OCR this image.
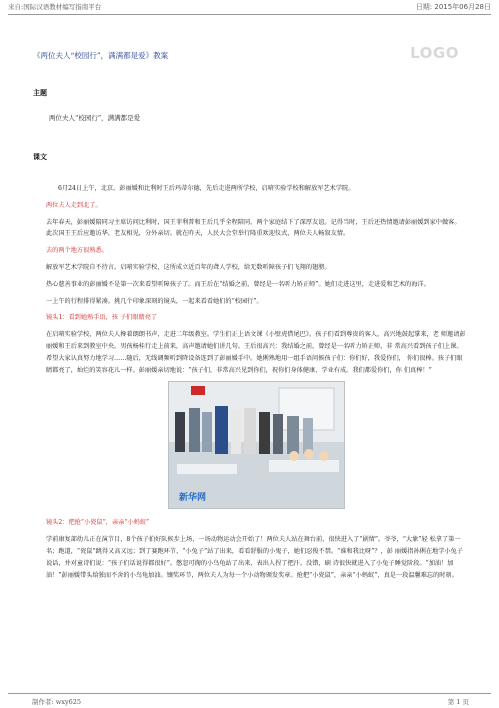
来自:国际汉语教材编写指南平台	日期: 2015年06月28日
LOGO
《两位夫人“校园行”，满满都是爱》教案
主题
两位夫人“校园行”，满满都是爱
课文

6月24日上午，北京。彭丽媛和比利时王后玛蒂尔德，先后走进两所学校，启喑实验学校和解放军艺术学院。

两位夫人走到北了。

去年春天，彭丽媛陪同习主席访问比利时，国王菲利普和王后几乎全程陪同，两个家庭结下了深厚友谊。记得当时，王后还热情邀请彭丽媛到家中做客。此次国王王后应邀访华，老友相见，分外亲切。就在昨天，人民大会堂举行隆重欢迎仪式，两位夫人畅叙友情。

去的两个地方很熟悉。

解放军艺术学院自不待言。启喑实验学校，这所成立近百年的聋人学校，给无数听障孩子们飞翔的翅膀。

热心慈善事业的彭丽媛不是第一次来看望听障孩子了。而王后在“结婚之前，曾经是一名听力矫正师”。她们走进这里，走进爱和艺术的海洋。

一上午的行程排得紧凑。挑几个印象深刻的镜头，一起来看看她们的“校园行”。

镜头1：看到她熟手语，孩 子们眼睛亮了

在启喑实验学校，两位夫人搀着朗朗书声，走进二年级教室。学生们正上语文课《小壁虎借尾巴》。孩子们看到尊贵的客人，高兴地鼓起掌来，老 师邀请彭丽媛和王后来到教室中央。男孩杨桂行走上前来，高声邀请她们讲几句。王后很高兴：我结婚之前，曾经是一名听力矫正师，非 常高兴看到孩子们上课。希望大家认真努力地学习……随后，无线调频听到降设备连到了彭丽媛手中。她俐熟地用一组手语问候孩子们：你们好，我爱你们， 你们很棒。孩子们眼睛都亮了，灿烂的笑容花儿一样。彭丽媛亲切地说：“孩子们，非常高兴见到你们，祝你们身体健康、学业有成。我们都爱你们，你 们真棒！”

新华网

镜头2：把抢“小瓷鼠”，亲亲“小蚂蚁”

学前康复部幼儿正在演节目，8个孩子拍好队候步上场，一场动物运动会开始了！两位夫人站在舞台前，很快进入了“剧情”。爷爷，“大象”轻 松拿了第一名；跑道，“瓷鼠”跳得又高又远；到了赛跑环节，“小兔子”站了出来，看看舒服的小鬼子，她们忍俊不禁。“谁和我比呀”？，彭 丽媛指孙俐在地学小兔子说话，并对童诗们说：“孩子们话说得都很好”。憋忽可掬的小鸟龟站了出来，表出人捏了把汗。没错，刷 诗很快就进入了小兔子睡觉阶段。“加油！加油！”彭丽媛带头给独而不舍的小鸟龟加油。镶奖环节，两位夫人为每一个小动物颁发奖章。抢把“小瓷鼠”，亲亲“小蚂蚁”，真是一段温馨难忘的时刻。

制作者: wxy625	第 1 页
